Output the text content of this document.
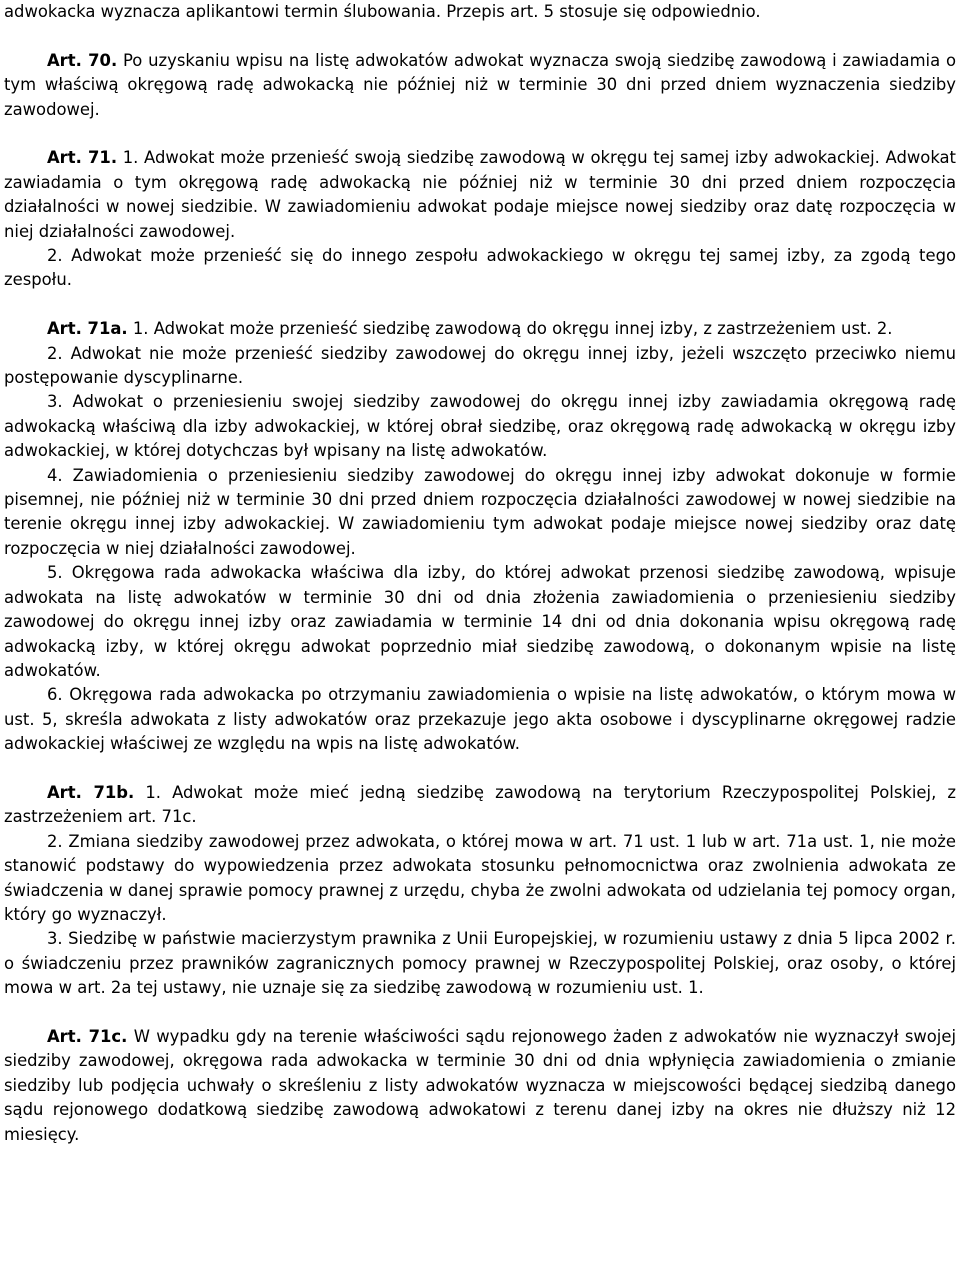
adwokacka wyznacza aplikantowi termin ślubowania. Przepis art. 5 stosuje się odpowiednio.

Art. 70. Po uzyskaniu wpisu na listę adwokatów adwokat wyznacza swoją siedzibę zawodową i zawiadamia o tym właściwą okręgową radę adwokacką nie później niż w terminie 30 dni przed dniem wyznaczenia siedziby zawodowej.

Art. 71. 1. Adwokat może przenieść swoją siedzibę zawodową w okręgu tej samej izby adwokackiej. Adwokat zawiadamia o tym okręgową radę adwokacką nie później niż w terminie 30 dni przed dniem rozpoczęcia działalności w nowej siedzibie. W zawiadomieniu adwokat podaje miejsce nowej siedziby oraz datę rozpoczęcia w niej działalności zawodowej.

2. Adwokat może przenieść się do innego zespołu adwokackiego w okręgu tej samej izby, za zgodą tego zespołu.

Art. 71a. 1. Adwokat może przenieść siedzibę zawodową do okręgu innej izby, z zastrzeżeniem ust. 2.

2. Adwokat nie może przenieść siedziby zawodowej do okręgu innej izby, jeżeli wszczęto przeciwko niemu postępowanie dyscyplinarne.

3. Adwokat o przeniesieniu swojej siedziby zawodowej do okręgu innej izby zawiadamia okręgową radę adwokacką właściwą dla izby adwokackiej, w której obrał siedzibę, oraz okręgową radę adwokacką w okręgu izby adwokackiej, w której dotychczas był wpisany na listę adwokatów.

4. Zawiadomienia o przeniesieniu siedziby zawodowej do okręgu innej izby adwokat dokonuje w formie pisemnej, nie później niż w terminie 30 dni przed dniem rozpoczęcia działalności zawodowej w nowej siedzibie na terenie okręgu innej izby adwokackiej. W zawiadomieniu tym adwokat podaje miejsce nowej siedziby oraz datę rozpoczęcia w niej działalności zawodowej.

5. Okręgowa rada adwokacka właściwa dla izby, do której adwokat przenosi siedzibę zawodową, wpisuje adwokata na listę adwokatów w terminie 30 dni od dnia złożenia zawiadomienia o przeniesieniu siedziby zawodowej do okręgu innej izby oraz zawiadamia w terminie 14 dni od dnia dokonania wpisu okręgową radę adwokacką izby, w której okręgu adwokat poprzednio miał siedzibę zawodową, o dokonanym wpisie na listę adwokatów.

6. Okręgowa rada adwokacka po otrzymaniu zawiadomienia o wpisie na listę adwokatów, o którym mowa w ust. 5, skreśla adwokata z listy adwokatów oraz przekazuje jego akta osobowe i dyscyplinarne okręgowej radzie adwokackiej właściwej ze względu na wpis na listę adwokatów.

Art. 71b. 1. Adwokat może mieć jedną siedzibę zawodową na terytorium Rzeczypospolitej Polskiej, z zastrzeżeniem art. 71c.

2. Zmiana siedziby zawodowej przez adwokata, o której mowa w art. 71 ust. 1 lub w art. 71a ust. 1, nie może stanowić podstawy do wypowiedzenia przez adwokata stosunku pełnomocnictwa oraz zwolnienia adwokata ze świadczenia w danej sprawie pomocy prawnej z urzędu, chyba że zwolni adwokata od udzielania tej pomocy organ, który go wyznaczył.

3. Siedzibę w państwie macierzystym prawnika z Unii Europejskiej, w rozumieniu ustawy z dnia 5 lipca 2002 r. o świadczeniu przez prawników zagranicznych pomocy prawnej w Rzeczypospolitej Polskiej, oraz osoby, o której mowa w art. 2a tej ustawy, nie uznaje się za siedzibę zawodową w rozumieniu ust. 1.

Art. 71c. W wypadku gdy na terenie właściwości sądu rejonowego żaden z adwokatów nie wyznaczył swojej siedziby zawodowej, okręgowa rada adwokacka w terminie 30 dni od dnia wpłynięcia zawiadomienia o zmianie siedziby lub podjęcia uchwały o skreśleniu z listy adwokatów wyznacza w miejscowości będącej siedzibą danego sądu rejonowego dodatkową siedzibę zawodową adwokatowi z terenu danej izby na okres nie dłuższy niż 12 miesięcy.
